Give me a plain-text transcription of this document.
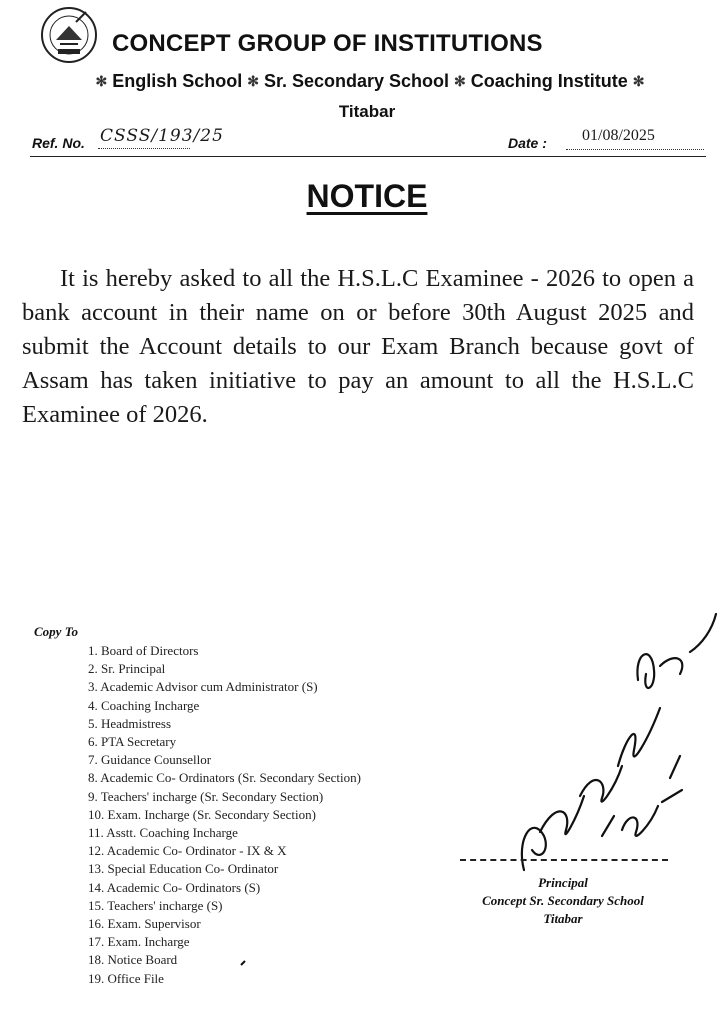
CONCEPT GROUP OF INSTITUTIONS
✻ English School ✻ Sr. Secondary School ✻ Coaching Institute ✻
Titabar
Ref. No. CSSS/193/25	Date : 01/08/2025
NOTICE
It is hereby asked to all the H.S.L.C Examinee - 2026 to open a bank account in their name on or before 30th August 2025 and submit the Account details to our Exam Branch because govt of Assam has taken initiative to pay an amount to all the H.S.L.C Examinee of 2026.
Copy To
1. Board of Directors
2. Sr. Principal
3. Academic Advisor cum Administrator (S)
4. Coaching Incharge
5. Headmistress
6. PTA Secretary
7. Guidance Counsellor
8. Academic Co- Ordinators (Sr. Secondary Section)
9. Teachers' incharge (Sr. Secondary Section)
10. Exam. Incharge (Sr. Secondary Section)
11. Asstt. Coaching Incharge
12. Academic Co- Ordinator - IX & X
13. Special Education Co- Ordinator
14. Academic Co- Ordinators (S)
15. Teachers' incharge (S)
16. Exam. Supervisor
17. Exam. Incharge
18. Notice Board
19. Office File
Principal
Concept Sr. Secondary School
Titabar
